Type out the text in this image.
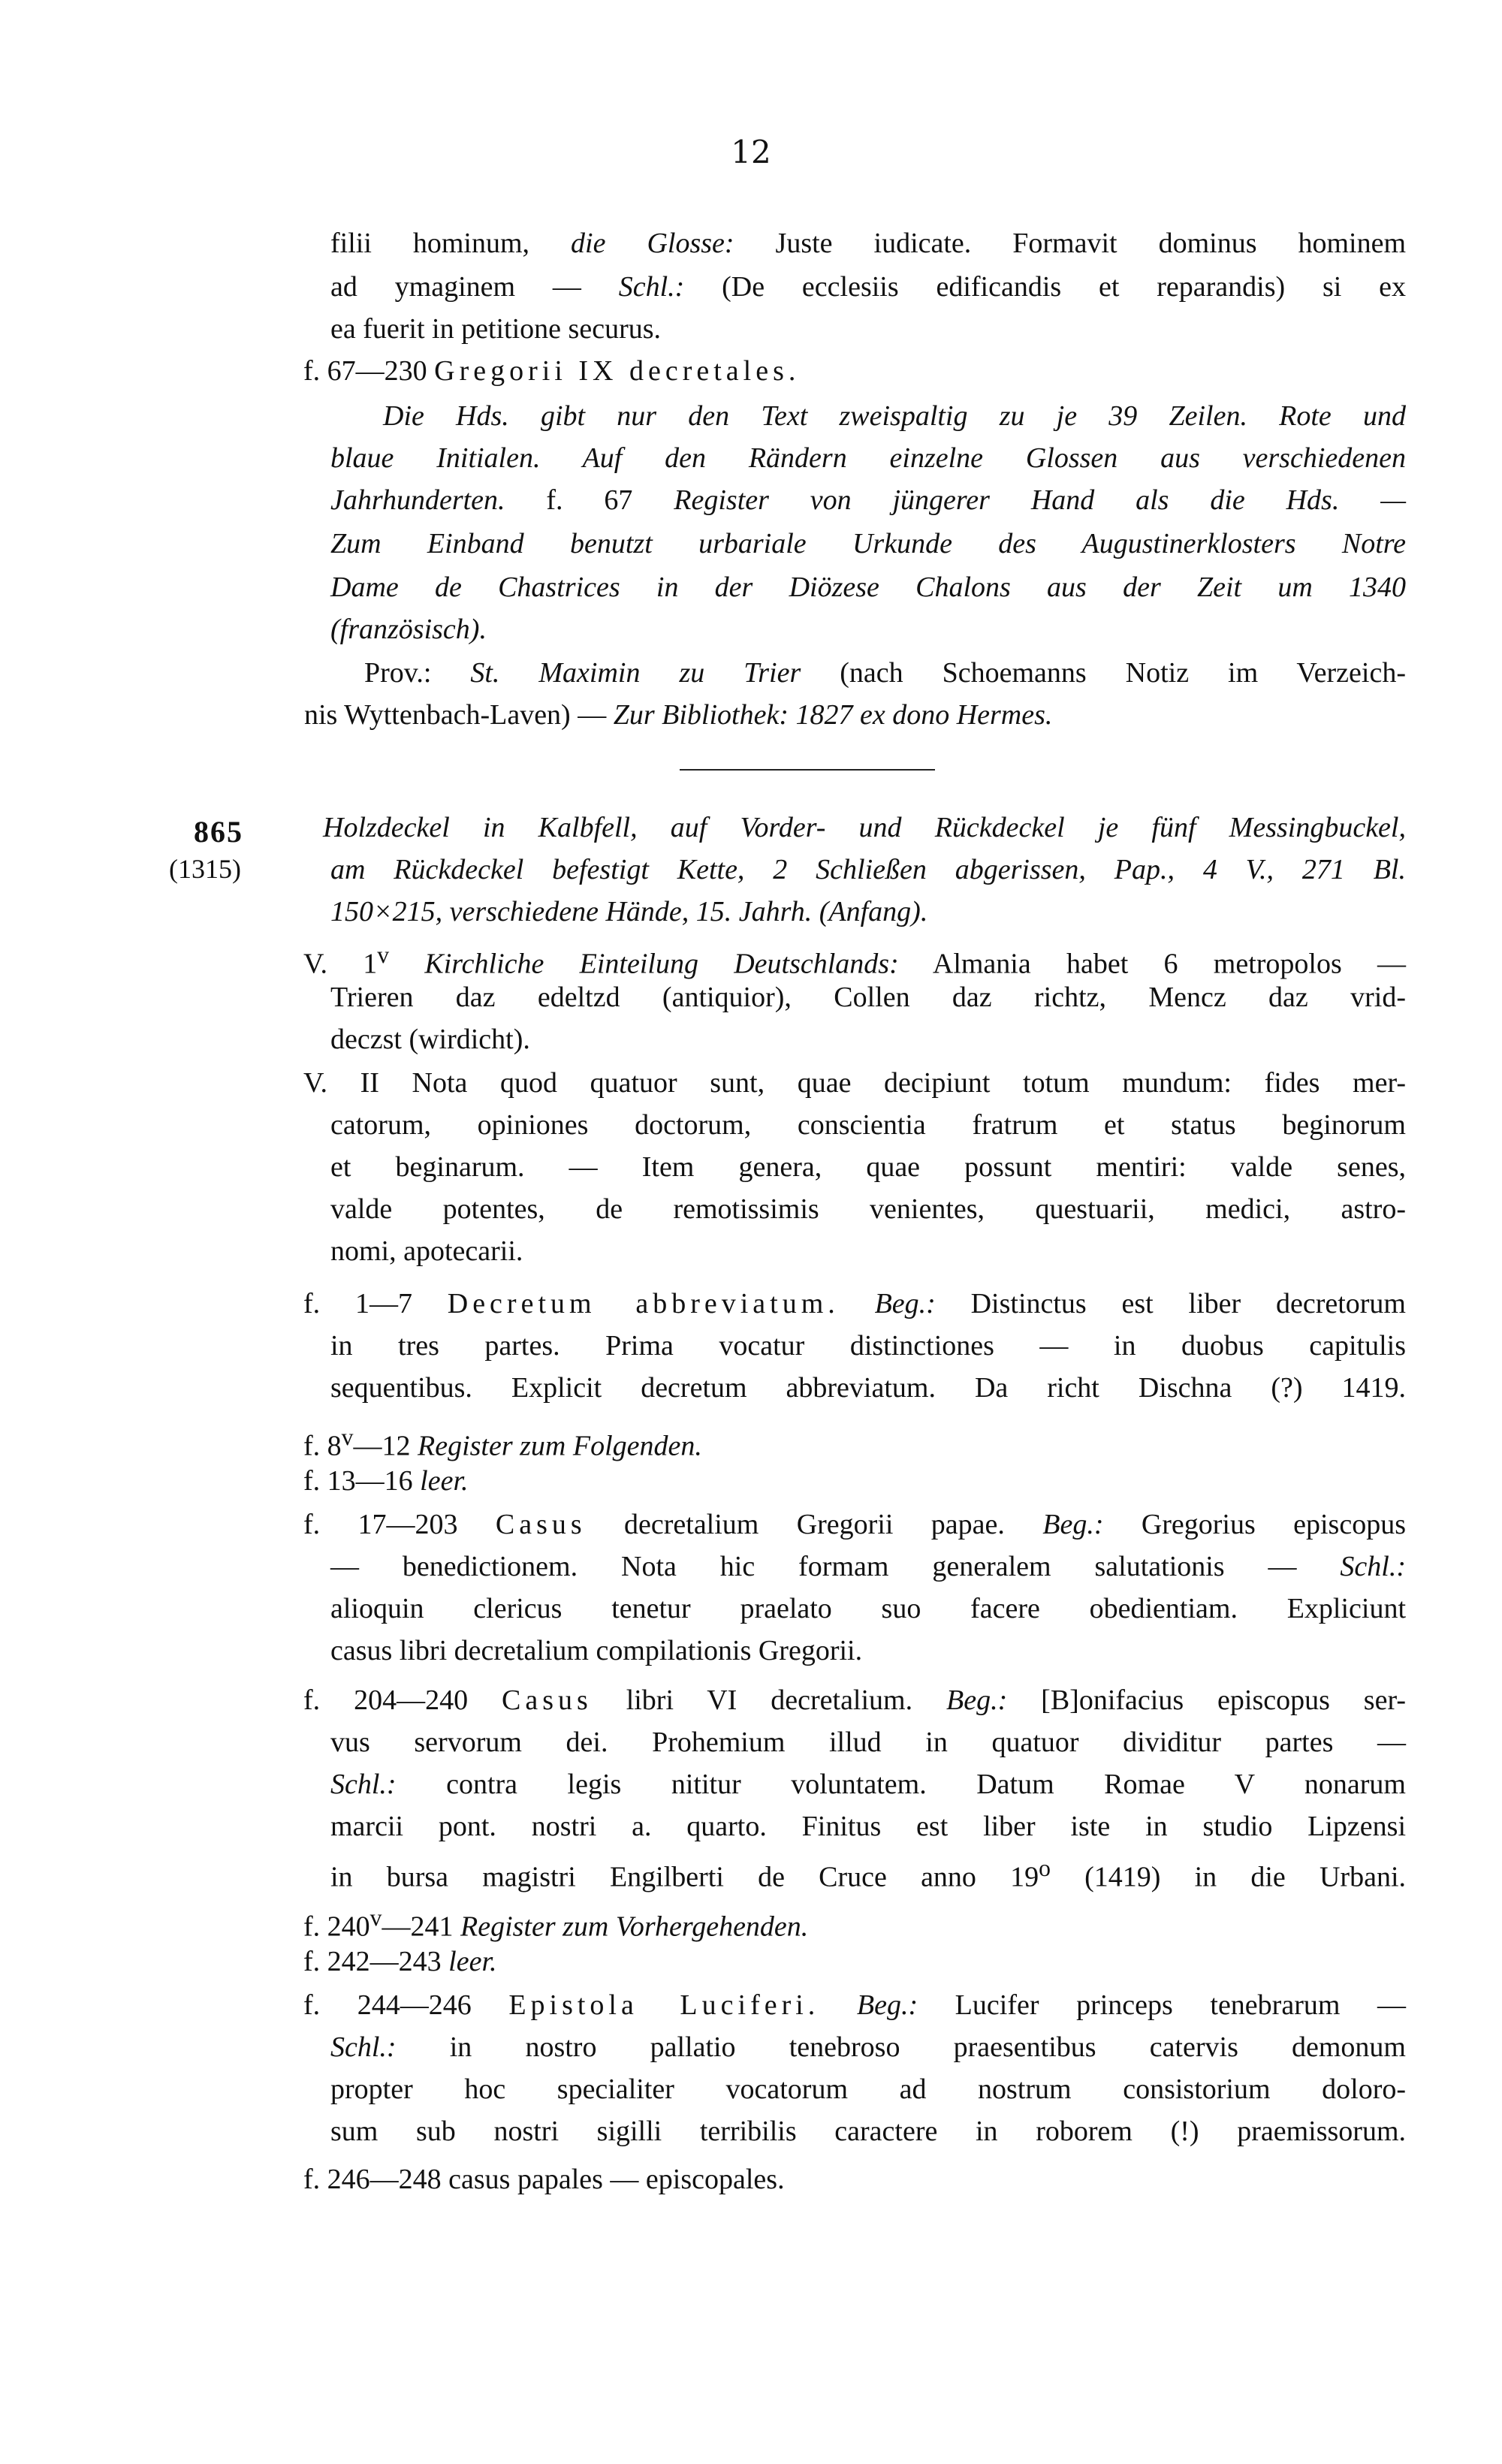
12
filii hominum, die Glosse: Juste iudicate. Formavit dominus hominem
ad ymaginem — Schl.: (De ecclesiis edificandis et reparandis) si ex
ea fuerit in petitione securus.
f. 67—230 Gregorii IX decretales.
Die Hds. gibt nur den Text zweispaltig zu je 39 Zeilen. Rote und
blaue Initialen. Auf den Rändern einzelne Glossen aus verschiedenen
Jahrhunderten. f. 67 Register von jüngerer Hand als die Hds. —
Zum Einband benutzt urbariale Urkunde des Augustinerklosters Notre
Dame de Chastrices in der Diözese Chalons aus der Zeit um 1340
(französisch).
Prov.: St. Maximin zu Trier (nach Schoemanns Notiz im Verzeich-
nis Wyttenbach-Laven) — Zur Bibliothek: 1827 ex dono Hermes.
865
(1315)
Holzdeckel in Kalbfell, auf Vorder- und Rückdeckel je fünf Messingbuckel,
am Rückdeckel befestigt Kette, 2 Schließen abgerissen, Pap., 4 V., 271 Bl.
150×215, verschiedene Hände, 15. Jahrh. (Anfang).
V. 1$^v$ Kirchliche Einteilung Deutschlands: Almania habet 6 metropolos —
Trieren daz edeltzd (antiquior), Collen daz richtz, Mencz daz vrid-
deczst (wirdicht).
V. II Nota quod quatuor sunt, quae decipiunt totum mundum: fides mer-
catorum, opiniones doctorum, conscientia fratrum et status beginorum
et beginarum. — Item genera, quae possunt mentiri: valde senes,
valde potentes, de remotissimis venientes, questuarii, medici, astro-
nomi, apotecarii.
f. 1—7 Decretum abbreviatum. Beg.: Distinctus est liber decretorum
in tres partes. Prima vocatur distinctiones — in duobus capitulis
sequentibus. Explicit decretum abbreviatum. Da richt Dischna (?) 1419.
f. 8$^v$—12 Register zum Folgenden.
f. 13—16 leer.
f. 17—203 Casus decretalium Gregorii papae. Beg.: Gregorius episcopus
— benedictionem. Nota hic formam generalem salutationis — Schl.:
alioquin clericus tenetur praelato suo facere obedientiam. Expliciunt
casus libri decretalium compilationis Gregorii.
f. 204—240 Casus libri VI decretalium. Beg.: [B]onifacius episcopus ser-
vus servorum dei. Prohemium illud in quatuor dividitur partes —
Schl.: contra legis nititur voluntatem. Datum Romae V nonarum
marcii pont. nostri a. quarto. Finitus est liber iste in studio Lipzensi
in bursa magistri Engilberti de Cruce anno 19$^o$ (1419) in die Urbani.
f. 240$^v$—241 Register zum Vorhergehenden.
f. 242—243 leer.
f. 244—246 Epistola Luciferi. Beg.: Lucifer princeps tenebrarum —
Schl.: in nostro pallatio tenebroso praesentibus catervis demonum
propter hoc specialiter vocatorum ad nostrum consistorium doloro-
sum sub nostri sigilli terribilis caractere in roborem (!) praemissorum.
f. 246—248 casus papales — episcopales.
